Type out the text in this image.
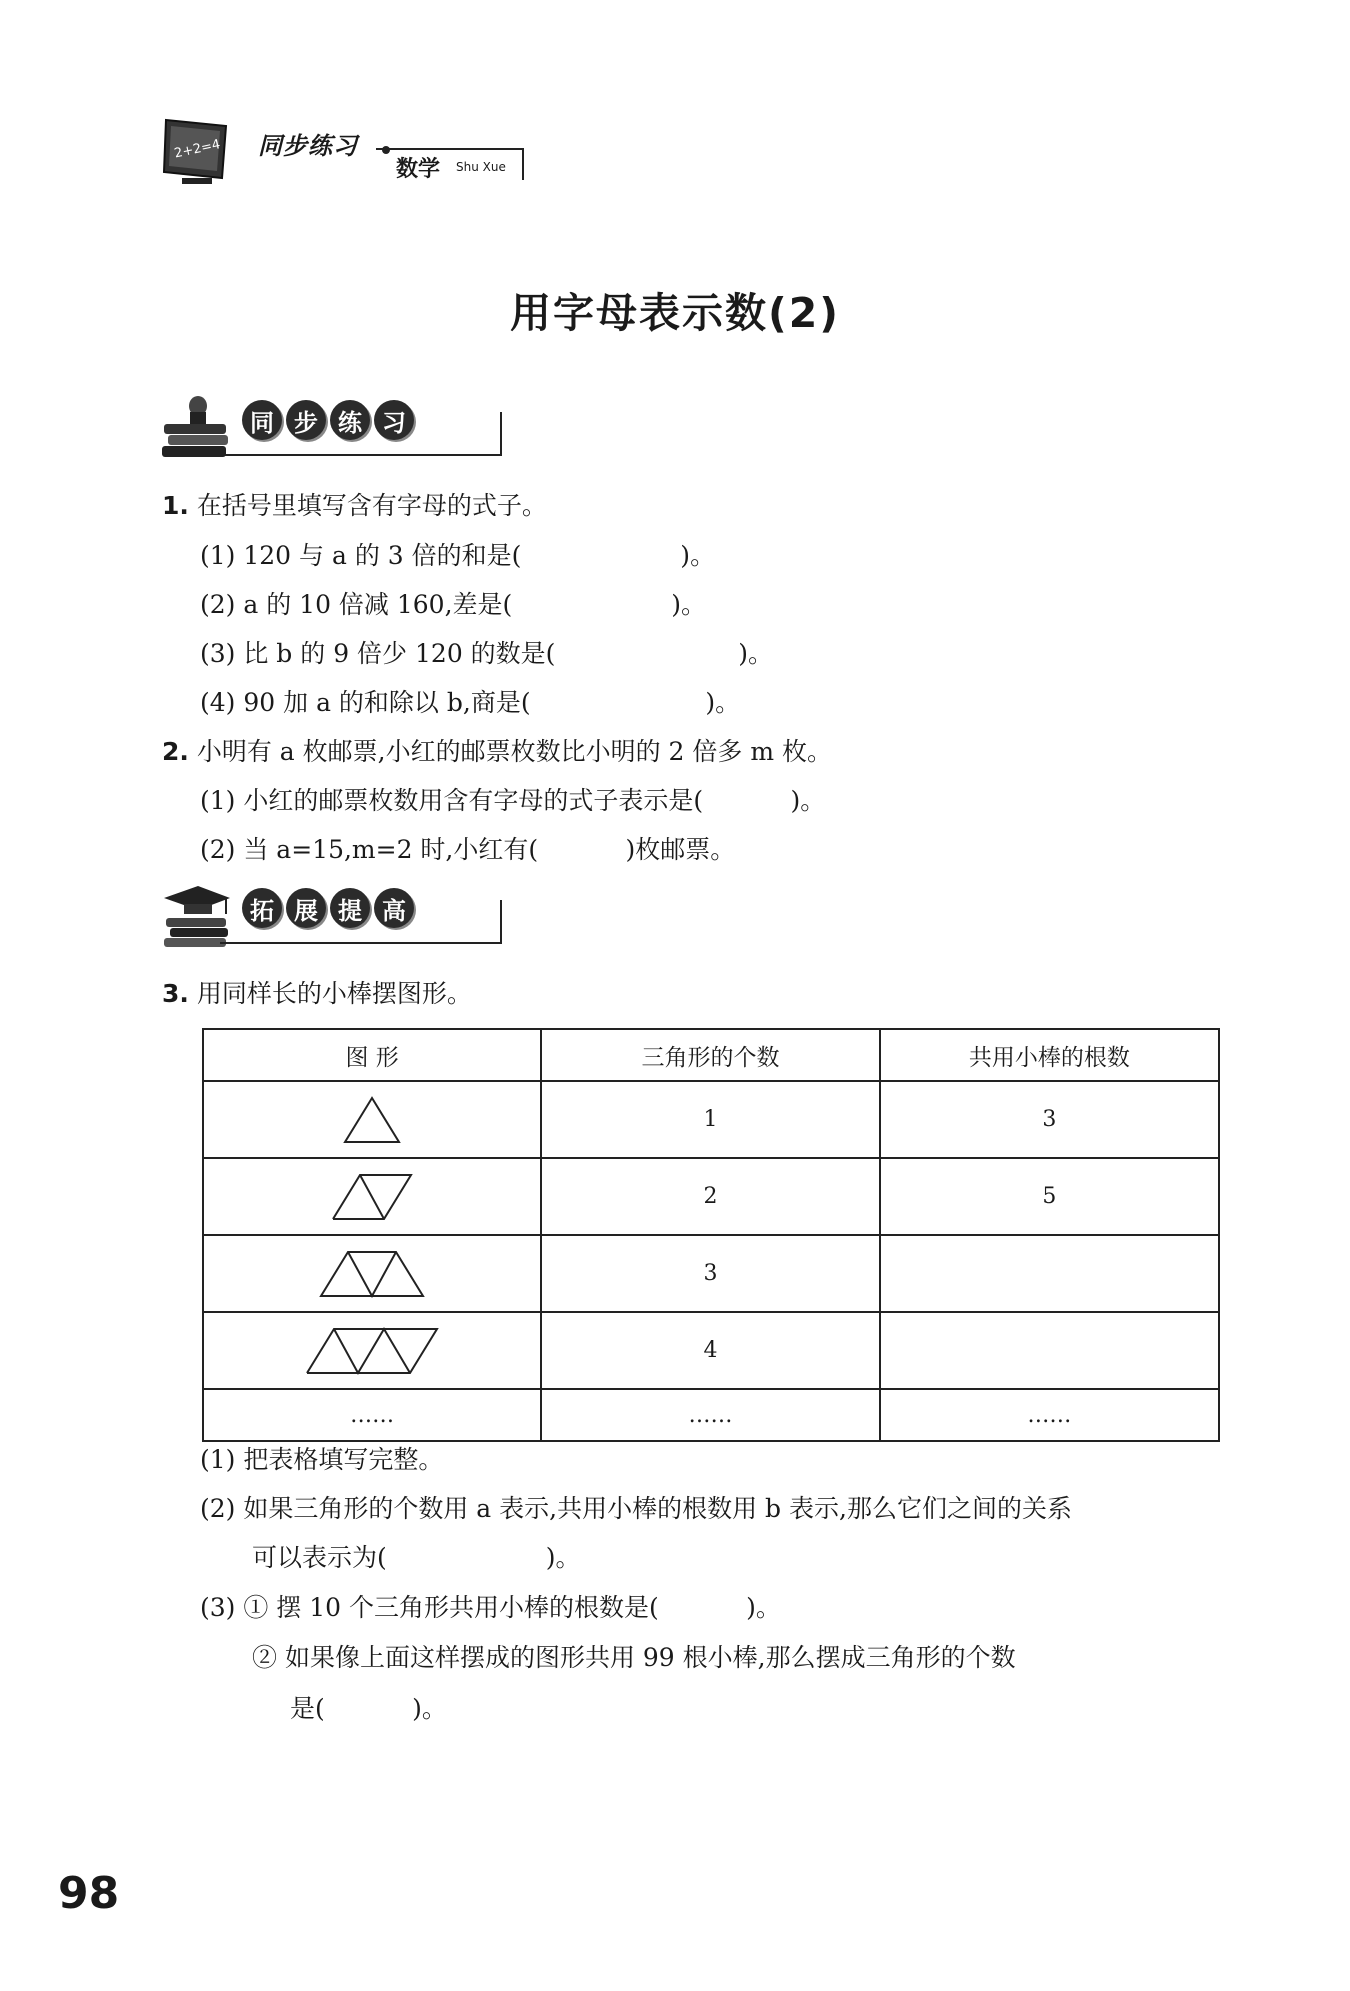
2+2=4 同步练习
数学 Shu Xue
用字母表示数(2)
同 步 练 习
1. 在括号里填写含有字母的式子。
(1) 120 与 a 的 3 倍的和是(                    )。
(2) a 的 10 倍减 160,差是(                    )。
(3) 比 b 的 9 倍少 120 的数是(                       )。
(4) 90 加 a 的和除以 b,商是(                      )。
2. 小明有 a 枚邮票,小红的邮票枚数比小明的 2 倍多 m 枚。
(1) 小红的邮票枚数用含有字母的式子表示是(           )。
(2) 当 a=15,m=2 时,小红有(           )枚邮票。
拓 展 提 高
3. 用同样长的小棒摆图形。
图 形	三角形的个数	共用小棒的根数

	1	3

	2	5

	3	

	4	
……	……	……
(1) 把表格填写完整。
(2) 如果三角形的个数用 a 表示,共用小棒的根数用 b 表示,那么它们之间的关系
可以表示为(                    )。
(3) ① 摆 10 个三角形共用小棒的根数是(           )。
② 如果像上面这样摆成的图形共用 99 根小棒,那么摆成三角形的个数
是(           )。
98
